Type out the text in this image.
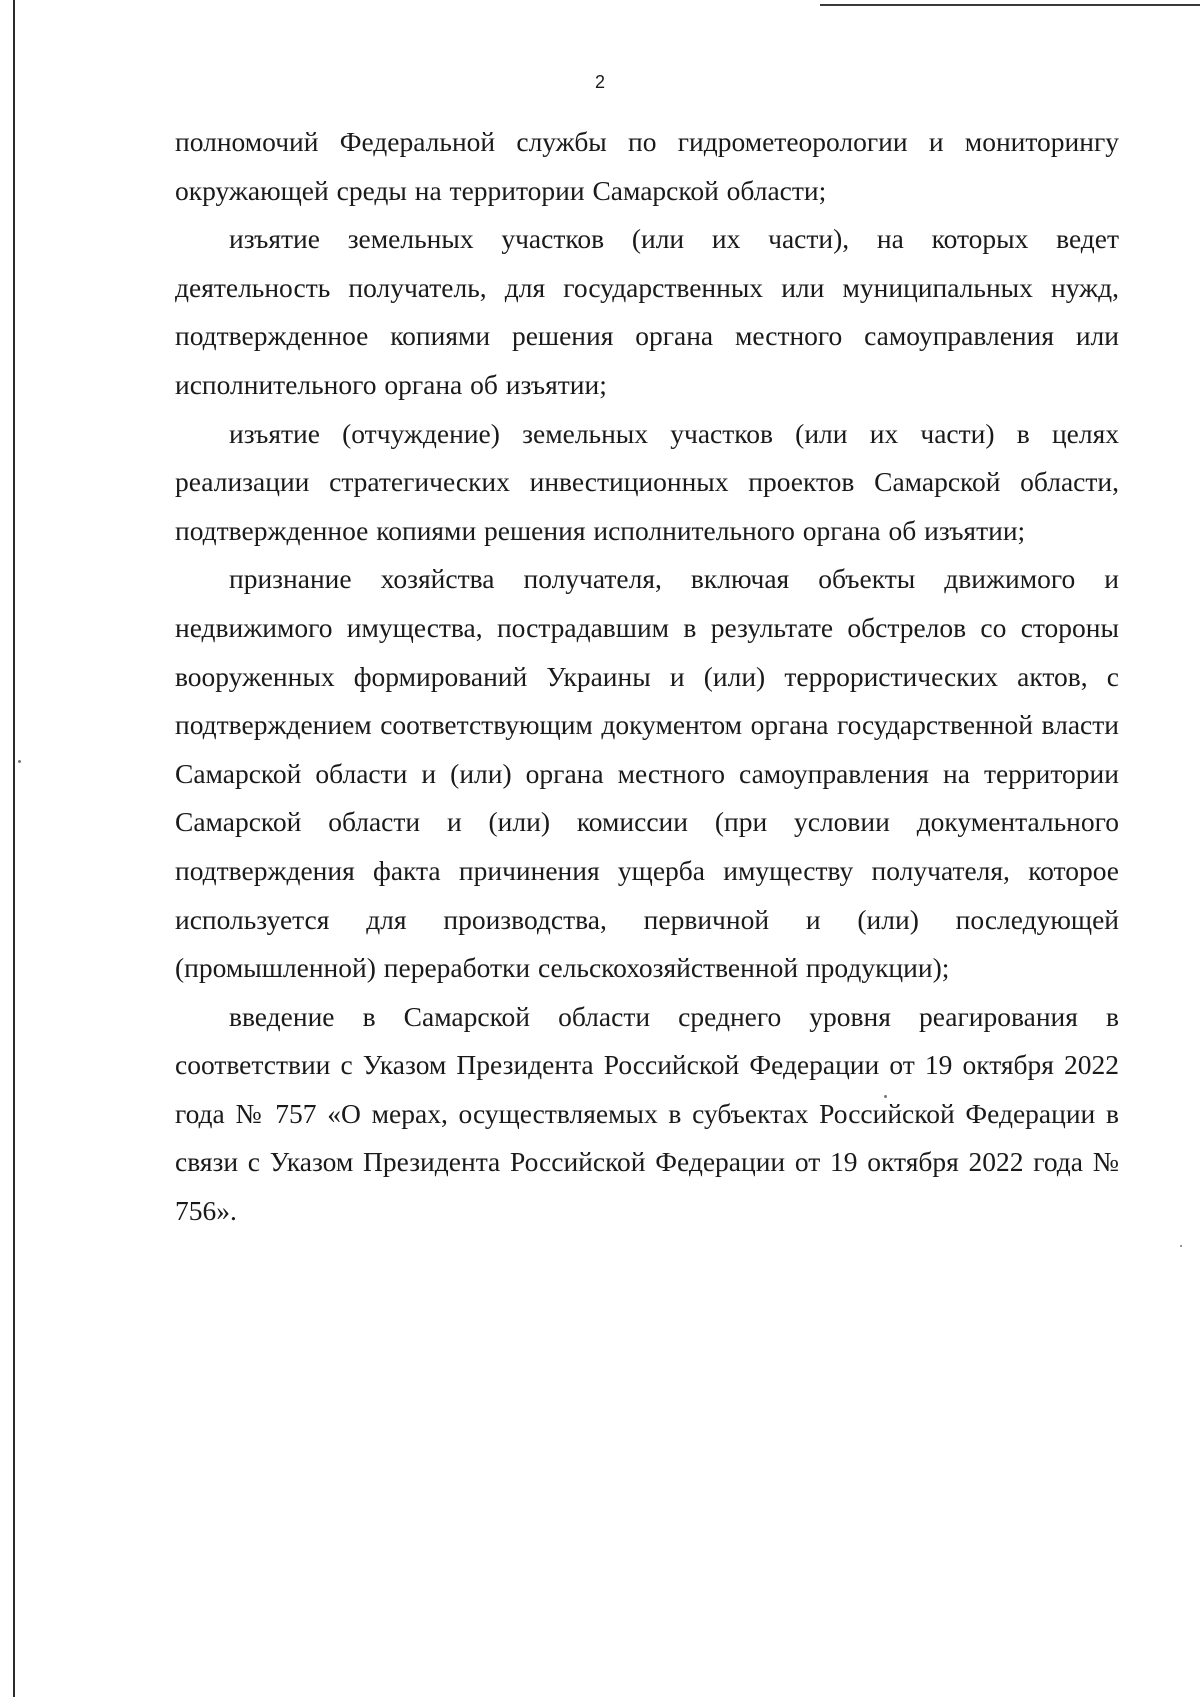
2

полномочий Федеральной службы по гидрометеорологии и мониторингу окружающей среды на территории Самарской области;

изъятие земельных участков (или их части), на которых ведет деятельность получатель, для государственных или муниципальных нужд, подтвержденное копиями решения органа местного самоуправления или исполнительного органа об изъятии;

изъятие (отчуждение) земельных участков (или их части) в целях реализации стратегических инвестиционных проектов Самарской области, подтвержденное копиями решения исполнительного органа об изъятии;

признание хозяйства получателя, включая объекты движимого и недвижимого имущества, пострадавшим в результате обстрелов со стороны вооруженных формирований Украины и (или) террористических актов, с подтверждением соответствующим документом органа государственной власти Самарской области и (или) органа местного самоуправления на территории Самарской области и (или) комиссии (при условии документального подтверждения факта причинения ущерба имуществу получателя, которое используется для производства, первичной и (или) последующей (промышленной) переработки сельскохозяйственной продукции);

введение в Самарской области среднего уровня реагирования в соответствии с Указом Президента Российской Федерации от 19 октября 2022 года № 757 «О мерах, осуществляемых в субъектах Российской Федерации в связи с Указом Президента Российской Федерации от 19 октября 2022 года № 756».
